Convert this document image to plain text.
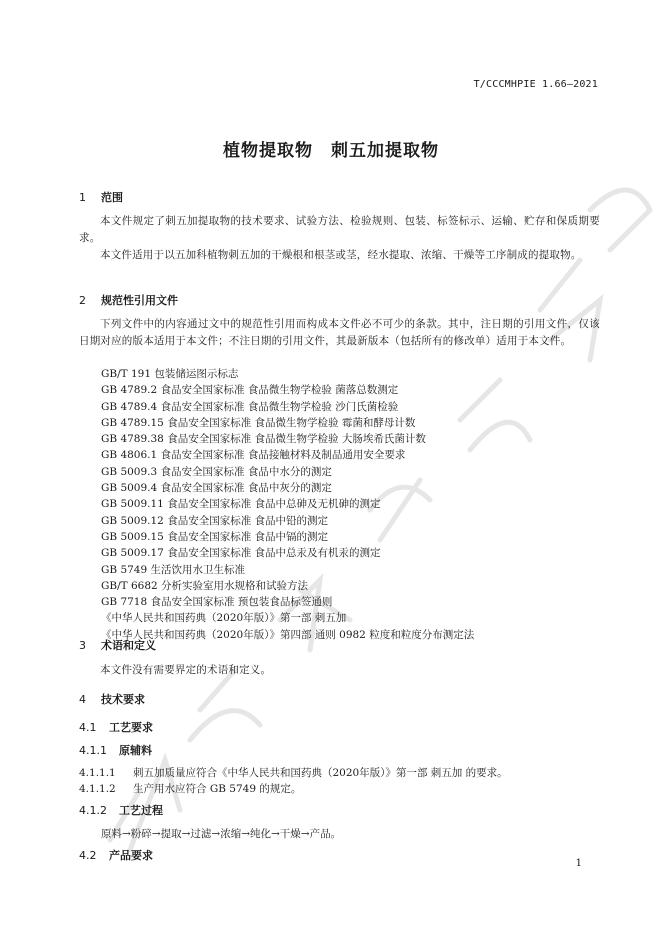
T/CCCMHPIE 1.66—2021
植物提取物　刺五加提取物
1 范围
本文件规定了刺五加提取物的技术要求、试验方法、检验规则、包装、标签标示、运输、贮存和保质期要求。
本文件适用于以五加科植物刺五加的干燥根和根茎或茎，经水提取、浓缩、干燥等工序制成的提取物。
2 规范性引用文件
下列文件中的内容通过文中的规范性引用而构成本文件必不可少的条款。其中，注日期的引用文件，仅该日期对应的版本适用于本文件；不注日期的引用文件，其最新版本（包括所有的修改单）适用于本文件。
GB/T 191 包装储运图示标志
GB 4789.2 食品安全国家标准 食品微生物学检验 菌落总数测定
GB 4789.4 食品安全国家标准 食品微生物学检验 沙门氏菌检验
GB 4789.15 食品安全国家标准 食品微生物学检验 霉菌和酵母计数
GB 4789.38 食品安全国家标准 食品微生物学检验 大肠埃希氏菌计数
GB 4806.1 食品安全国家标准 食品接触材料及制品通用安全要求
GB 5009.3 食品安全国家标准 食品中水分的测定
GB 5009.4 食品安全国家标准 食品中灰分的测定
GB 5009.11 食品安全国家标准 食品中总砷及无机砷的测定
GB 5009.12 食品安全国家标准 食品中铅的测定
GB 5009.15 食品安全国家标准 食品中镉的测定
GB 5009.17 食品安全国家标准 食品中总汞及有机汞的测定
GB 5749 生活饮用水卫生标准
GB/T 6682 分析实验室用水规格和试验方法
GB 7718 食品安全国家标准 预包装食品标签通则
《中华人民共和国药典（2020年版）》第一部 刺五加
《中华人民共和国药典（2020年版）》第四部 通则 0982 粒度和粒度分布测定法
3 术语和定义
本文件没有需要界定的术语和定义。
4 技术要求
4.1 工艺要求
4.1.1 原辅料
4.1.1.1 刺五加质量应符合《中华人民共和国药典（2020年版）》第一部 刺五加 的要求。
4.1.1.2 生产用水应符合 GB 5749 的规定。
4.1.2 工艺过程
原料→粉碎→提取→过滤→浓缩→纯化→干燥→产品。
4.2 产品要求
1
